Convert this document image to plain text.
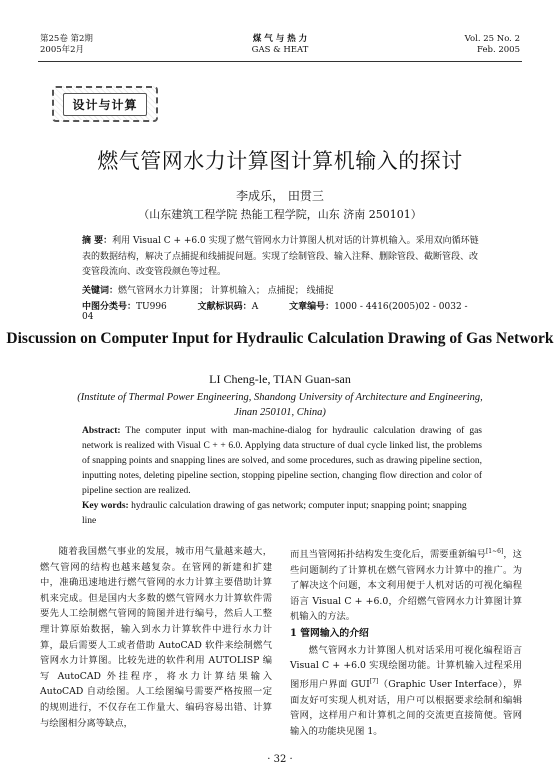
第25卷 第2期
2005年2月
煤 气 与 热 力
GAS & HEAT
Vol. 25 No. 2
Feb. 2005
设计与计算
燃气管网水力计算图计算机输入的探讨
李成乐， 田贯三
（山东建筑工程学院 热能工程学院，山东 济南 250101）
摘 要：利用 Visual C + +6.0 实现了燃气管网水力计算图人机对话的计算机输入。采用双向循环链表的数据结构，解决了点捕捉和线捕捉问题。实现了绘制管段、输入注释、删除管段、截断管段、改变管段流向、改变管段颜色等过程。
关键词：燃气管网水力计算图； 计算机输入； 点捕捉； 线捕捉
中图分类号：TU996	文献标识码：A	文章编号：1000 - 4416(2005)02 - 0032 - 04
Discussion on Computer Input for Hydraulic Calculation Drawing of Gas Network
LI Cheng-le, TIAN Guan-san
(Institute of Thermal Power Engineering, Shandong University of Architecture and Engineering, Jinan 250101, China)
Abstract: The computer input with man-machine-dialog for hydraulic calculation drawing of gas network is realized with Visual C + + 6.0. Applying data structure of dual cycle linked list, the problems of snapping points and snapping lines are solved, and some procedures, such as drawing pipeline section, inputting notes, deleting pipeline section, stopping pipeline section, changing flow direction and color of pipeline section are realized.
Key words: hydraulic calculation drawing of gas network; computer input; snapping point; snapping line

随着我国燃气事业的发展，城市用气量越来越大，燃气管网的结构也越来越复杂。在管网的新建和扩建中，准确迅速地进行燃气管网的水力计算主要借助计算机来完成。但是国内大多数的燃气管网水力计算软件需要先人工绘制燃气管网的简图并进行编号，然后人工整理计算原始数据，输入到水力计算软件中进行水力计算，最后需要人工或者借助 AutoCAD 软件来绘制燃气管网水力计算图。比较先进的软件利用 AUTOLISP 编写 AutoCAD 外挂程序，将水力计算结果输入 AutoCAD 自动绘图。人工绘图编号需要严格按照一定的规则进行，不仅存在工作量大、编码容易出错、计算与绘图相分离等缺点，

而且当管网拓扑结构发生变化后，需要重新编号[1~6]，这些问题制约了计算机在燃气管网水力计算中的推广。为了解决这个问题，本文利用便于人机对话的可视化编程语言 Visual C + +6.0，介绍燃气管网水力计算图计算机输入的方法。

1 管网输入的介绍

燃气管网水力计算图人机对话采用可视化编程语言 Visual C + +6.0 实现绘图功能。计算机输入过程采用图形用户界面 GUI[7]（Graphic User Interface），界面友好可实现人机对话，用户可以根据要求绘制和编辑管网，这样用户和计算机之间的交流更直接简便。管网输入的功能块见图 1。

· 32 ·
